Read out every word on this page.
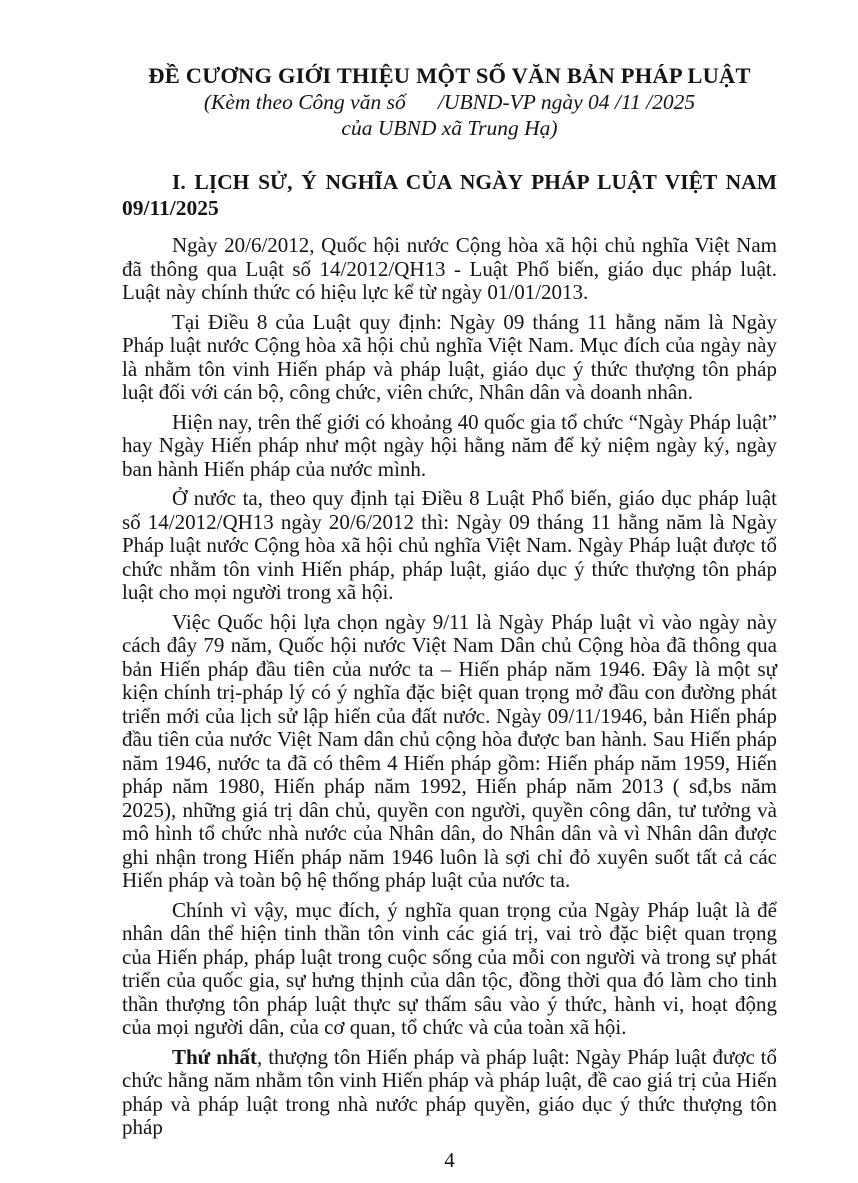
ĐỀ CƯƠNG GIỚI THIỆU MỘT SỐ VĂN BẢN PHÁP LUẬT
(Kèm theo Công văn số      /UBND-VP ngày 04 /11 /2025
của UBND xã Trung Hạ)
I. LỊCH SỬ, Ý NGHĨA CỦA NGÀY PHÁP LUẬT VIỆT NAM
09/11/2025

Ngày 20/6/2012, Quốc hội nước Cộng hòa xã hội chủ nghĩa Việt Nam đã thông qua Luật số 14/2012/QH13 - Luật Phổ biến, giáo dục pháp luật. Luật này chính thức có hiệu lực kể từ ngày 01/01/2013.

Tại Điều 8 của Luật quy định: Ngày 09 tháng 11 hằng năm là Ngày Pháp luật nước Cộng hòa xã hội chủ nghĩa Việt Nam. Mục đích của ngày này là nhằm tôn vinh Hiến pháp và pháp luật, giáo dục ý thức thượng tôn pháp luật đối với cán bộ, công chức, viên chức, Nhân dân và doanh nhân.

Hiện nay, trên thế giới có khoảng 40 quốc gia tổ chức “Ngày Pháp luật” hay Ngày Hiến pháp như một ngày hội hằng năm để kỷ niệm ngày ký, ngày ban hành Hiến pháp của nước mình.

Ở nước ta, theo quy định tại Điều 8 Luật Phổ biến, giáo dục pháp luật số 14/2012/QH13 ngày 20/6/2012 thì: Ngày 09 tháng 11 hằng năm là Ngày Pháp luật nước Cộng hòa xã hội chủ nghĩa Việt Nam. Ngày Pháp luật được tổ chức nhằm tôn vinh Hiến pháp, pháp luật, giáo dục ý thức thượng tôn pháp luật cho mọi người trong xã hội.

Việc Quốc hội lựa chọn ngày 9/11 là Ngày Pháp luật vì vào ngày này cách đây 79 năm, Quốc hội nước Việt Nam Dân chủ Cộng hòa đã thông qua bản Hiến pháp đầu tiên của nước ta – Hiến pháp năm 1946. Đây là một sự kiện chính trị-pháp lý có ý nghĩa đặc biệt quan trọng mở đầu con đường phát triển mới của lịch sử lập hiến của đất nước. Ngày 09/11/1946, bản Hiến pháp đầu tiên của nước Việt Nam dân chủ cộng hòa được ban hành. Sau Hiến pháp năm 1946, nước ta đã có thêm 4 Hiến pháp gồm: Hiến pháp năm 1959, Hiến pháp năm 1980, Hiến pháp năm 1992, Hiến pháp năm 2013 ( sđ,bs năm 2025), những giá trị dân chủ, quyền con người, quyền công dân, tư tưởng và mô hình tổ chức nhà nước của Nhân dân, do Nhân dân và vì Nhân dân được ghi nhận trong Hiến pháp năm 1946 luôn là sợi chỉ đỏ xuyên suốt tất cả các Hiến pháp và toàn bộ hệ thống pháp luật của nước ta.

Chính vì vậy, mục đích, ý nghĩa quan trọng của Ngày Pháp luật là để nhân dân thể hiện tinh thần tôn vinh các giá trị, vai trò đặc biệt quan trọng của Hiến pháp, pháp luật trong cuộc sống của mỗi con người và trong sự phát triển của quốc gia, sự hưng thịnh của dân tộc, đồng thời qua đó làm cho tinh thần thượng tôn pháp luật thực sự thấm sâu vào ý thức, hành vi, hoạt động của mọi người dân, của cơ quan, tổ chức và của toàn xã hội.

Thứ nhất, thượng tôn Hiến pháp và pháp luật: Ngày Pháp luật được tổ chức hằng năm nhằm tôn vinh Hiến pháp và pháp luật, đề cao giá trị của Hiến pháp và pháp luật trong nhà nước pháp quyền, giáo dục ý thức thượng tôn pháp

4
